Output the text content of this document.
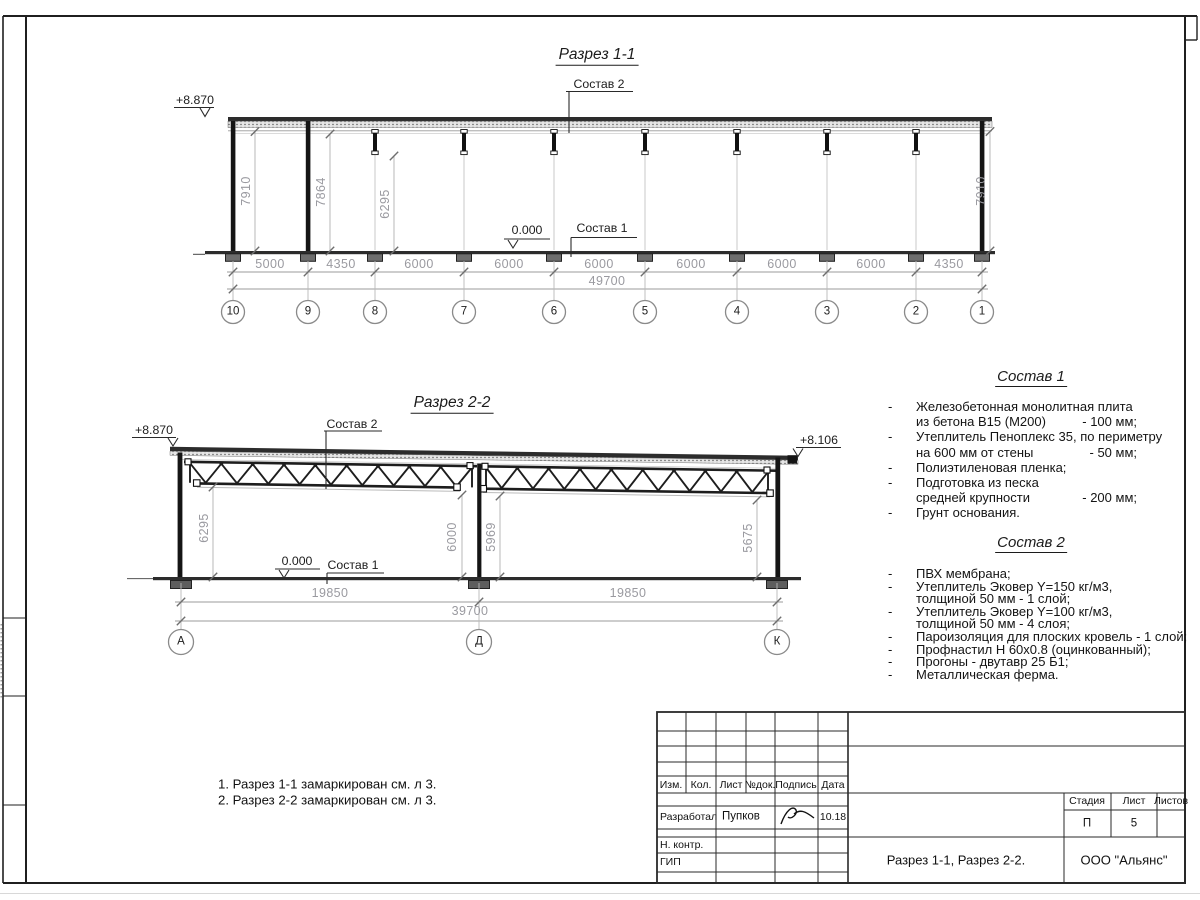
Разрез 1-1
Состав 2
Состав 1
+8.870
0.000
7910	7864	6295	7910
5000	4350	6000	6000	6000	6000	6000	6000	4350
49700
10	9	8	7	6	5	4	3	2	1
Разрез 2-2
Состав 2
Состав 1
+8.870
+8.106
0.000
6295	6000 5969	5675
19850	19850
39700
А	Д	К
Состав 1
- Железобетонная монолитная плита
из бетона В15 (М200)	- 100 мм;
- Утеплитель Пеноплекс 35, по периметру
на 600 мм от стены	- 50 мм;
- Полиэтиленовая пленка;
- Подготовка из песка
средней крупности	- 200 мм;
- Грунт основания.
Состав 2
- ПВХ мембрана;
- Утеплитель Эковер Y=150 кг/м3,
толщиной 50 мм - 1 слой;
- Утеплитель Эковер Y=100 кг/м3,
толщиной 50 мм - 4 слоя;
- Пароизоляция для плоских кровель - 1 слой;
- Профнастил Н 60х0.8 (оцинкованный);
- Прогоны - двутавр 25 Б1;
- Металлическая ферма.
1. Разрез 1-1 замаркирован см. л 3.
2. Разрез 2-2 замаркирован см. л 3.
Изм. Кол. Лист №док. Подпись Дата
Разработал Пупков	10.18
Н. контр.
ГИП
Стадия Лист Листов
П	5
Разрез 1-1, Разрез 2-2.	ООО "Альянс"
